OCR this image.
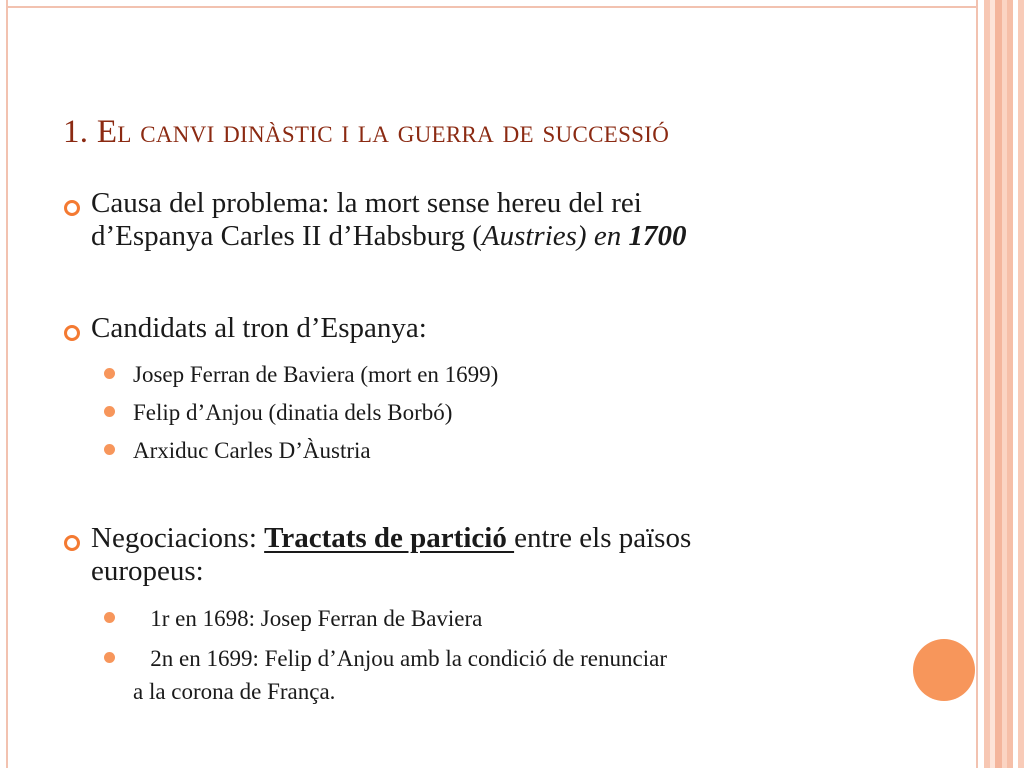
1. El canvi dinàstic i la guerra de successió
Causa del problema: la mort sense hereu del rei
d’Espanya Carles II d’Habsburg (Austries) en 1700
Candidats al tron d’Espanya:
Josep Ferran de Baviera (mort en 1699)
Felip d’Anjou (dinatia dels Borbó)
Arxiduc Carles D’Àustria
Negociacions: Tractats de partició entre els països
europeus:
1r en 1698: Josep Ferran de Baviera
2n en 1699: Felip d’Anjou amb la condició de renunciar
a la corona de França.
